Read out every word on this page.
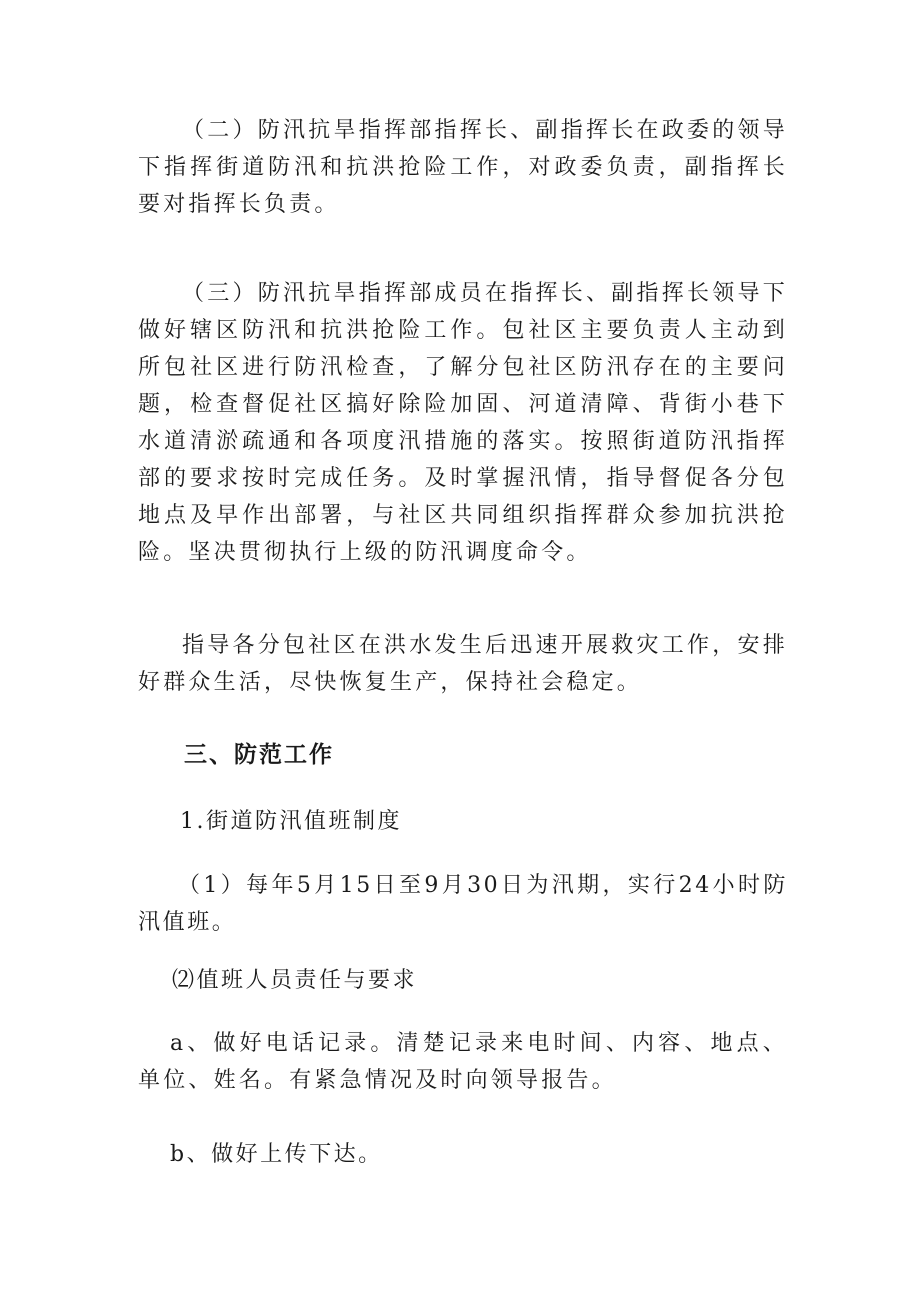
（二）防汛抗旱指挥部指挥长、副指挥长在政委的领导下指挥街道防汛和抗洪抢险工作，对政委负责，副指挥长要对指挥长负责。

（三）防汛抗旱指挥部成员在指挥长、副指挥长领导下做好辖区防汛和抗洪抢险工作。包社区主要负责人主动到所包社区进行防汛检查，了解分包社区防汛存在的主要问题，检查督促社区搞好除险加固、河道清障、背街小巷下水道清淤疏通和各项度汛措施的落实。按照街道防汛指挥部的要求按时完成任务。及时掌握汛情，指导督促各分包地点及早作出部署，与社区共同组织指挥群众参加抗洪抢险。坚决贯彻执行上级的防汛调度命令。

指导各分包社区在洪水发生后迅速开展救灾工作，安排好群众生活，尽快恢复生产，保持社会稳定。

三、防范工作

1.街道防汛值班制度

（1）每年5月15日至9月30日为汛期，实行24小时防汛值班。

⑵值班人员责任与要求

a、做好电话记录。清楚记录来电时间、内容、地点、单位、姓名。有紧急情况及时向领导报告。

b、做好上传下达。
